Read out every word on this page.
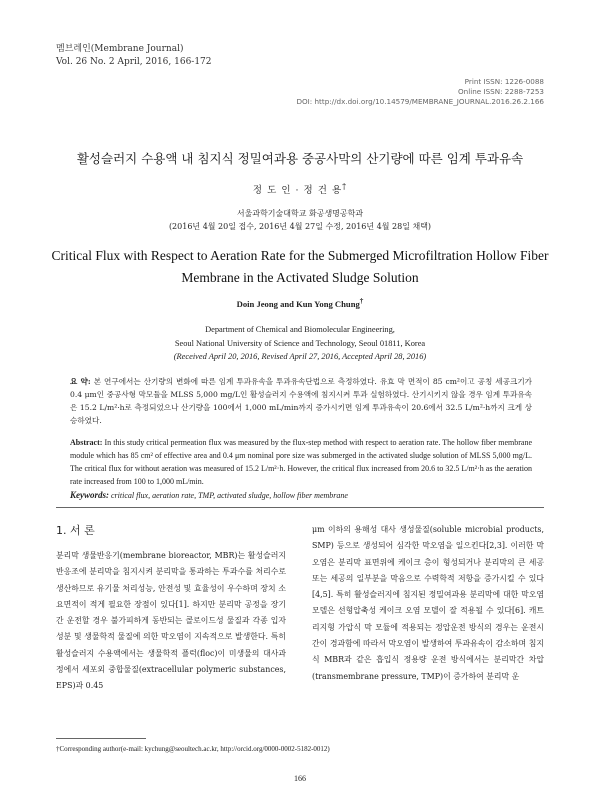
멤브레인(Membrane Journal)
Vol. 26 No. 2 April, 2016, 166-172
Print ISSN: 1226-0088
Online ISSN: 2288-7253
DOI: http://dx.doi.org/10.14579/MEMBRANE_JOURNAL.2016.26.2.166
활성슬러지 수용액 내 침지식 정밀여과용 중공사막의 산기량에 따른 임계 투과유속
정 도 인 · 정 건 용†
서울과학기술대학교 화공생명공학과
(2016년 4월 20일 접수, 2016년 4월 27일 수정, 2016년 4월 28일 채택)
Critical Flux with Respect to Aeration Rate for the Submerged Microfiltration Hollow Fiber
Membrane in the Activated Sludge Solution
Doin Jeong and Kun Yong Chung†
Department of Chemical and Biomolecular Engineering,
Seoul National University of Science and Technology, Seoul 01811, Korea
(Received April 20, 2016, Revised April 27, 2016, Accepted April 28, 2016)
요 약: 본 연구에서는 산기량의 변화에 따른 임계 투과유속을 투과유속단법으로 측정하였다. 유효 막 면적이 85 cm²이고 공칭 세공크기가 0.4 μm인 중공사형 막모듈을 MLSS 5,000 mg/L인 활성슬러지 수용액에 침지시켜 투과 실험하였다. 산기시키지 않을 경우 임계 투과유속은 15.2 L/m²·h로 측정되었으나 산기량을 100에서 1,000 mL/min까지 증가시키면 임계 투과유속이 20.6에서 32.5 L/m²·h까지 크게 상승하였다.
Abstract: In this study critical permeation flux was measured by the flux-step method with respect to aeration rate. The hollow fiber membrane module which has 85 cm² of effective area and 0.4 μm nominal pore size was submerged in the activated sludge solution of MLSS 5,000 mg/L. The critical flux for without aeration was measured of 15.2 L/m²·h. However, the critical flux increased from 20.6 to 32.5 L/m²·h as the aeration rate increased from 100 to 1,000 mL/min.
Keywords: critical flux, aeration rate, TMP, activated sludge, hollow fiber membrane
1. 서 론
분리막 생물반응기(membrane bioreactor, MBR)는 활성슬러지 반응조에 분리막을 침지시켜 분리막을 통과하는 투과수를 처리수로 생산하므로 유기물 처리성능, 안전성 및 효율성이 우수하며 장치 소요면적이 적게 필요한 장점이 있다[1]. 하지만 분리막 공정을 장기간 운전할 경우 불가피하게 동반되는 콜로이드성 물질과 각종 입자 성분 및 생물학적 물질에 의한 막오염이 지속적으로 발생한다. 특히 활성슬러지 수용액에서는 생물학적 플럭(floc)이 미생물의 대사과정에서 세포외 중합물질(extracellular polymeric substances, EPS)과 0.45
μm 이하의 용해성 대사 생성물질(soluble microbial products, SMP) 등으로 생성되어 심각한 막오염을 일으킨다[2,3]. 이러한 막오염은 분리막 표면위에 케이크 층이 형성되거나 분리막의 큰 세공 또는 세공의 일부분을 막음으로 수력학적 저항을 증가시킬 수 있다[4,5]. 특히 활성슬러지에 침지된 정밀여과용 분리막에 대한 막오염 모델은 선형압축성 케이크 오염 모델이 잘 적용될 수 있다[6]. 캐트리지형 가압식 막 모듈에 적용되는 정압운전 방식의 경우는 운전시간이 경과함에 따라서 막오염이 발생하여 투과유속이 감소하며 침지식 MBR과 같은 흡입식 정용량 운전 방식에서는 분리막간 차압(transmembrane pressure, TMP)이 증가하여 분리막 운
†Corresponding author(e-mail: kychung@seoultech.ac.kr, http://orcid.org/0000-0002-5182-0012)
166
